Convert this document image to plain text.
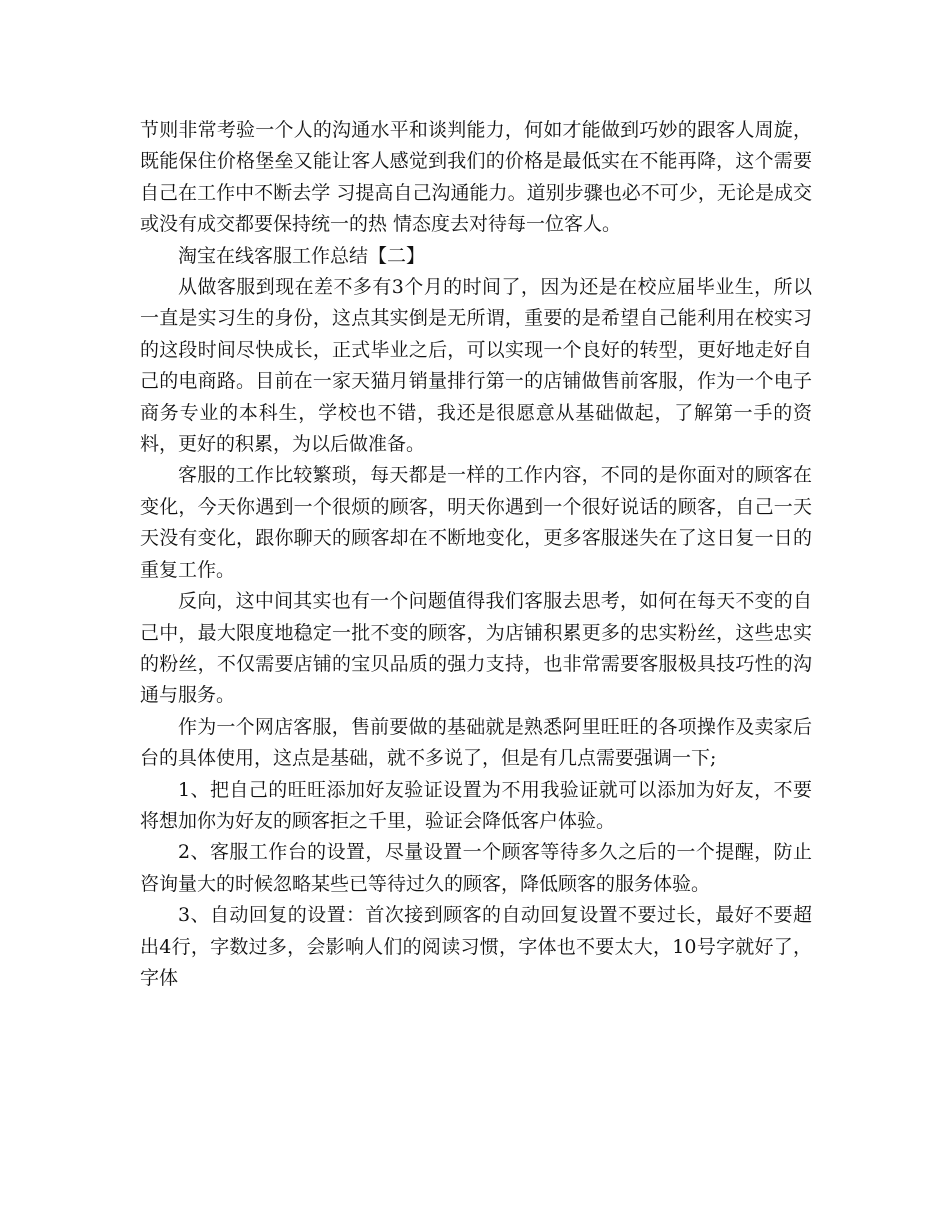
节则非常考验一个人的沟通水平和谈判能力，何如才能做到巧妙的跟客人周旋，既能保住价格堡垒又能让客人感觉到我们的价格是最低实在不能再降，这个需要自己在工作中不断去学 习提高自己沟通能力。道别步骤也必不可少，无论是成交或没有成交都要保持统一的热 情态度去对待每一位客人。

淘宝在线客服工作总结【二】

从做客服到现在差不多有3个月的时间了，因为还是在校应届毕业生，所以一直是实习生的身份，这点其实倒是无所谓，重要的是希望自己能利用在校实习的这段时间尽快成长，正式毕业之后，可以实现一个良好的转型，更好地走好自己的电商路。目前在一家天猫月销量排行第一的店铺做售前客服，作为一个电子商务专业的本科生，学校也不错，我还是很愿意从基础做起，了解第一手的资料，更好的积累，为以后做准备。

客服的工作比较繁琐，每天都是一样的工作内容，不同的是你面对的顾客在变化，今天你遇到一个很烦的顾客，明天你遇到一个很好说话的顾客，自己一天天没有变化，跟你聊天的顾客却在不断地变化，更多客服迷失在了这日复一日的重复工作。

反向，这中间其实也有一个问题值得我们客服去思考，如何在每天不变的自己中，最大限度地稳定一批不变的顾客，为店铺积累更多的忠实粉丝，这些忠实的粉丝，不仅需要店铺的宝贝品质的强力支持，也非常需要客服极具技巧性的沟通与服务。

作为一个网店客服，售前要做的基础就是熟悉阿里旺旺的各项操作及卖家后台的具体使用，这点是基础，就不多说了，但是有几点需要强调一下;

1、把自己的旺旺添加好友验证设置为不用我验证就可以添加为好友，不要将想加你为好友的顾客拒之千里，验证会降低客户体验。

2、客服工作台的设置，尽量设置一个顾客等待多久之后的一个提醒，防止咨询量大的时候忽略某些已等待过久的顾客，降低顾客的服务体验。

3、自动回复的设置：首次接到顾客的自动回复设置不要过长，最好不要超出4行，字数过多，会影响人们的阅读习惯，字体也不要太大，10号字就好了，字体
